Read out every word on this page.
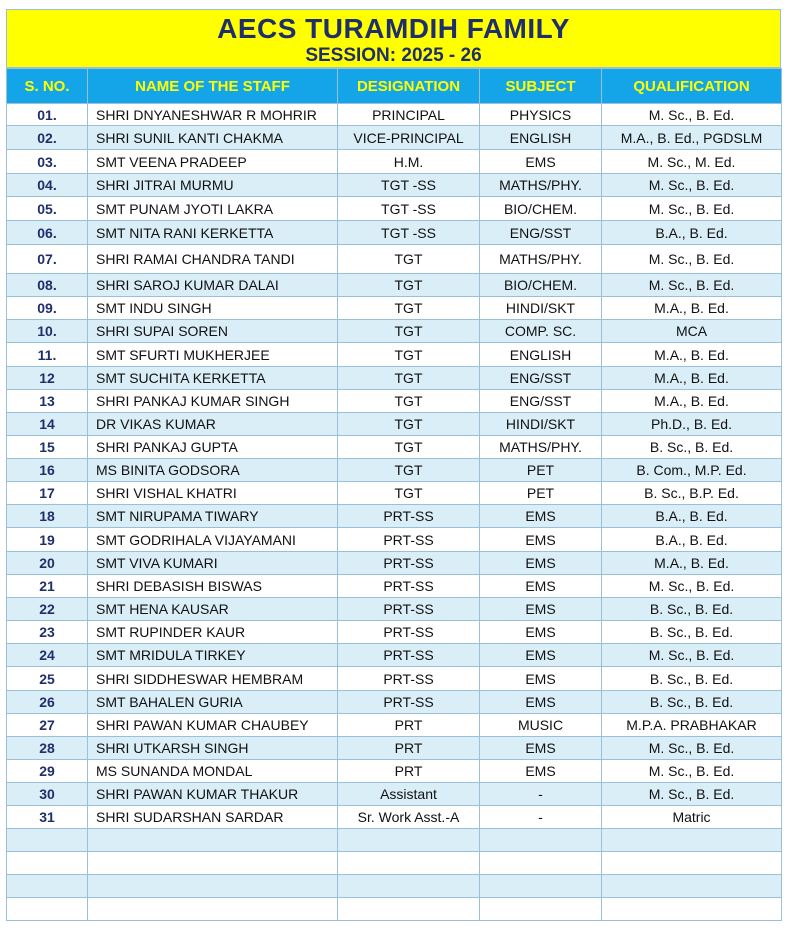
AECS TURAMDIH FAMILY
SESSION: 2025 - 26
S. NO.	NAME OF THE STAFF	DESIGNATION	SUBJECT	QUALIFICATION
01.	SHRI DNYANESHWAR R MOHRIR	PRINCIPAL	PHYSICS	M. Sc., B. Ed.
02.	SHRI SUNIL KANTI CHAKMA	VICE-PRINCIPAL	ENGLISH	M.A., B. Ed., PGDSLM
03.	SMT VEENA PRADEEP	H.M.	EMS	M. Sc., M. Ed.
04.	SHRI JITRAI MURMU	TGT -SS	MATHS/PHY.	M. Sc., B. Ed.
05.	SMT PUNAM JYOTI LAKRA	TGT -SS	BIO/CHEM.	M. Sc., B. Ed.
06.	SMT NITA RANI KERKETTA	TGT -SS	ENG/SST	B.A., B. Ed.
07.	SHRI RAMAI CHANDRA TANDI	TGT	MATHS/PHY.	M. Sc., B. Ed.
08.	SHRI SAROJ KUMAR DALAI	TGT	BIO/CHEM.	M. Sc., B. Ed.
09.	SMT INDU SINGH	TGT	HINDI/SKT	M.A., B. Ed.
10.	SHRI SUPAI SOREN	TGT	COMP. SC.	MCA
11.	SMT SFURTI MUKHERJEE	TGT	ENGLISH	M.A., B. Ed.
12	SMT SUCHITA KERKETTA	TGT	ENG/SST	M.A., B. Ed.
13	SHRI PANKAJ KUMAR SINGH	TGT	ENG/SST	M.A., B. Ed.
14	DR VIKAS KUMAR	TGT	HINDI/SKT	Ph.D., B. Ed.
15	SHRI PANKAJ GUPTA	TGT	MATHS/PHY.	B. Sc., B. Ed.
16	MS BINITA GODSORA	TGT	PET	B. Com., M.P. Ed.
17	SHRI VISHAL KHATRI	TGT	PET	B. Sc., B.P. Ed.
18	SMT NIRUPAMA TIWARY	PRT-SS	EMS	B.A., B. Ed.
19	SMT GODRIHALA VIJAYAMANI	PRT-SS	EMS	B.A., B. Ed.
20	SMT VIVA KUMARI	PRT-SS	EMS	M.A., B. Ed.
21	SHRI DEBASISH BISWAS	PRT-SS	EMS	M. Sc., B. Ed.
22	SMT HENA KAUSAR	PRT-SS	EMS	B. Sc., B. Ed.
23	SMT RUPINDER KAUR	PRT-SS	EMS	B. Sc., B. Ed.
24	SMT MRIDULA TIRKEY	PRT-SS	EMS	M. Sc., B. Ed.
25	SHRI SIDDHESWAR HEMBRAM	PRT-SS	EMS	B. Sc., B. Ed.
26	SMT BAHALEN GURIA	PRT-SS	EMS	B. Sc., B. Ed.
27	SHRI PAWAN KUMAR CHAUBEY	PRT	MUSIC	M.P.A. PRABHAKAR
28	SHRI UTKARSH SINGH	PRT	EMS	M. Sc., B. Ed.
29	MS SUNANDA MONDAL	PRT	EMS	M. Sc., B. Ed.
30	SHRI PAWAN KUMAR THAKUR	Assistant	-	M. Sc., B. Ed.
31	SHRI SUDARSHAN SARDAR	Sr. Work Asst.-A	-	Matric
